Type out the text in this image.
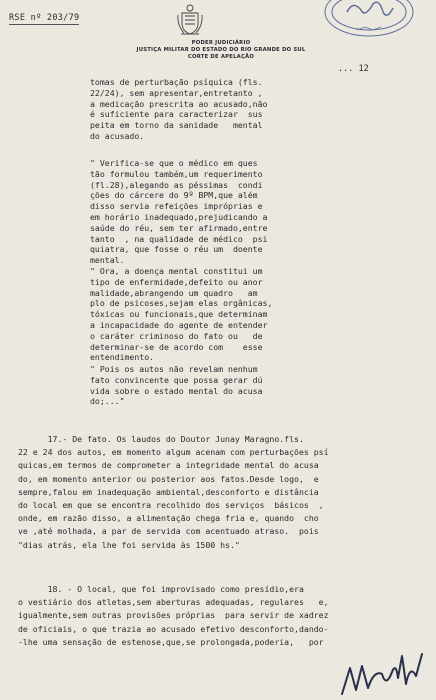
RSE nº 203/79
PODER JUDICIÁRIO
JUSTIÇA MILITAR DO ESTADO DO RIO GRANDE DO SUL
CORTE DE APELAÇÃO
... 12
tomas de perturbação psíquica (fls.
22/24), sem apresentar,entretanto ,
a medicação prescrita ao acusado,não
é suficiente para caracterizar  sus
peita em torno da sanidade   mental
do acusado.
" Verifica-se que o médico em ques
tão formulou também,um requerimento
(fl.28),alegando as péssimas  condi
ções do cárcere do 9º BPM,que além
disso servia refeições impróprias e
em horário inadequado,prejudicando a
saúde do réu, sem ter afirmado,entre
tanto  , na qualidade de médico  psi
quiatra, que fosse o réu um  doente
mental.
" Ora, a doença mental constitui um
tipo de enfermidade,defeito ou anor
malidade,abrangendo um quadro   am
plo de psicoses,sejam elas orgânicas,
tóxicas ou funcionais,que determinam
a incapacidade do agente de entender
o caráter criminoso do fato ou   de
determinar-se de acordo com    esse
entendimento.
" Pois os autos não revelam nenhum
fato convincente que possa gerar dú
vida sobre o estado mental do acusa
do;..."
17.- De fato. Os laudos do Doutor Junay Maragno.fls.
22 e 24 dos autos, em momento algum acenam com perturbações psí
quicas,em termos de comprometer a integridade mental do acusa
do, em momento anterior ou posterior aos fatos.Desde logo,  e
sempre,falou em inadequação ambiental,desconforto e distância
do local em que se encontra recolhido dos serviços  básicos  ,
onde, em razão disso, a alimentação chega fria e, quando  cho
ve ,até molhada, a par de servida com acentuado atraso.  pois
"dias atrás, ela lhe foi servida às 1500 hs."
18. - O local, que foi improvisado como presídio,era
o vestiário dos atletas,sem aberturas adequadas, regulares   e,
igualmente,sem outras provisões próprias  para servir de xadrez
de oficiais, o que trazia ao acusado efetivo desconforto,dando-
-lhe uma sensação de estenose,que,se prolongada,poderia,   por
